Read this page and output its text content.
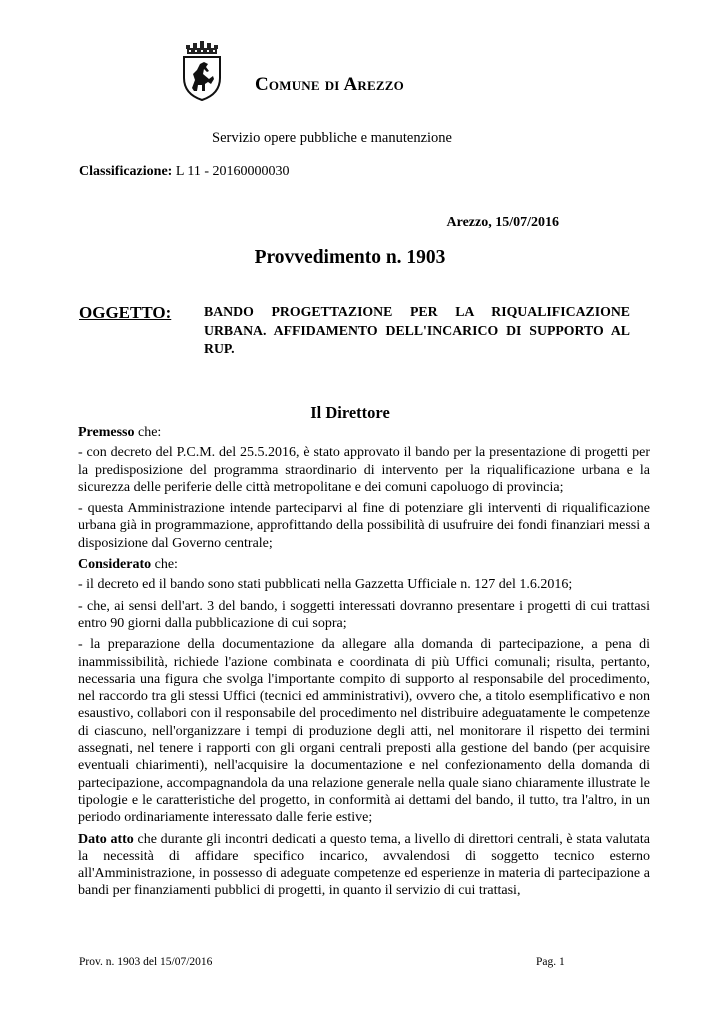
Comune di Arezzo
Servizio opere pubbliche e manutenzione
Classificazione: L 11 - 20160000030
Arezzo, 15/07/2016
Provvedimento n. 1903
OGGETTO: BANDO PROGETTAZIONE PER LA RIQUALIFICAZIONE URBANA. AFFIDAMENTO DELL'INCARICO DI SUPPORTO AL RUP.
Il Direttore

Premesso che:

- con decreto del P.C.M. del 25.5.2016, è stato approvato il bando per la presentazione di progetti per la predisposizione del programma straordinario di intervento per la riqualificazione urbana e la sicurezza delle periferie delle città metropolitane e dei comuni capoluogo di provincia;

- questa Amministrazione intende parteciparvi al fine di potenziare gli interventi di riqualificazione urbana già in programmazione, approfittando della possibilità di usufruire dei fondi finanziari messi a disposizione dal Governo centrale;

Considerato che:

- il decreto ed il bando sono stati pubblicati nella Gazzetta Ufficiale n. 127 del 1.6.2016;

- che, ai sensi dell'art. 3 del bando, i soggetti interessati dovranno presentare i progetti di cui trattasi entro 90 giorni dalla pubblicazione di cui sopra;

- la preparazione della documentazione da allegare alla domanda di partecipazione, a pena di inammissibilità, richiede l'azione combinata e coordinata di più Uffici comunali; risulta, pertanto, necessaria una figura che svolga l'importante compito di supporto al responsabile del procedimento, nel raccordo tra gli stessi Uffici (tecnici ed amministrativi), ovvero che, a titolo esemplificativo e non esaustivo, collabori con il responsabile del procedimento nel distribuire adeguatamente le competenze di ciascuno, nell'organizzare i tempi di produzione degli atti, nel monitorare il rispetto dei termini assegnati, nel tenere i rapporti con gli organi centrali preposti alla gestione del bando (per acquisire eventuali chiarimenti), nell'acquisire la documentazione e nel confezionamento della domanda di partecipazione, accompagnandola da una relazione generale nella quale siano chiaramente illustrate le tipologie e le caratteristiche del progetto, in conformità ai dettami del bando, il tutto, tra l'altro, in un periodo ordinariamente interessato dalle ferie estive;

Dato atto che durante gli incontri dedicati a questo tema, a livello di direttori centrali, è stata valutata la necessità di affidare specifico incarico, avvalendosi di soggetto tecnico esterno all'Amministrazione, in possesso di adeguate competenze ed esperienze in materia di partecipazione a bandi per finanziamenti pubblici di progetti, in quanto il servizio di cui trattasi,

Prov. n. 1903 del 15/07/2016	Pag. 1
